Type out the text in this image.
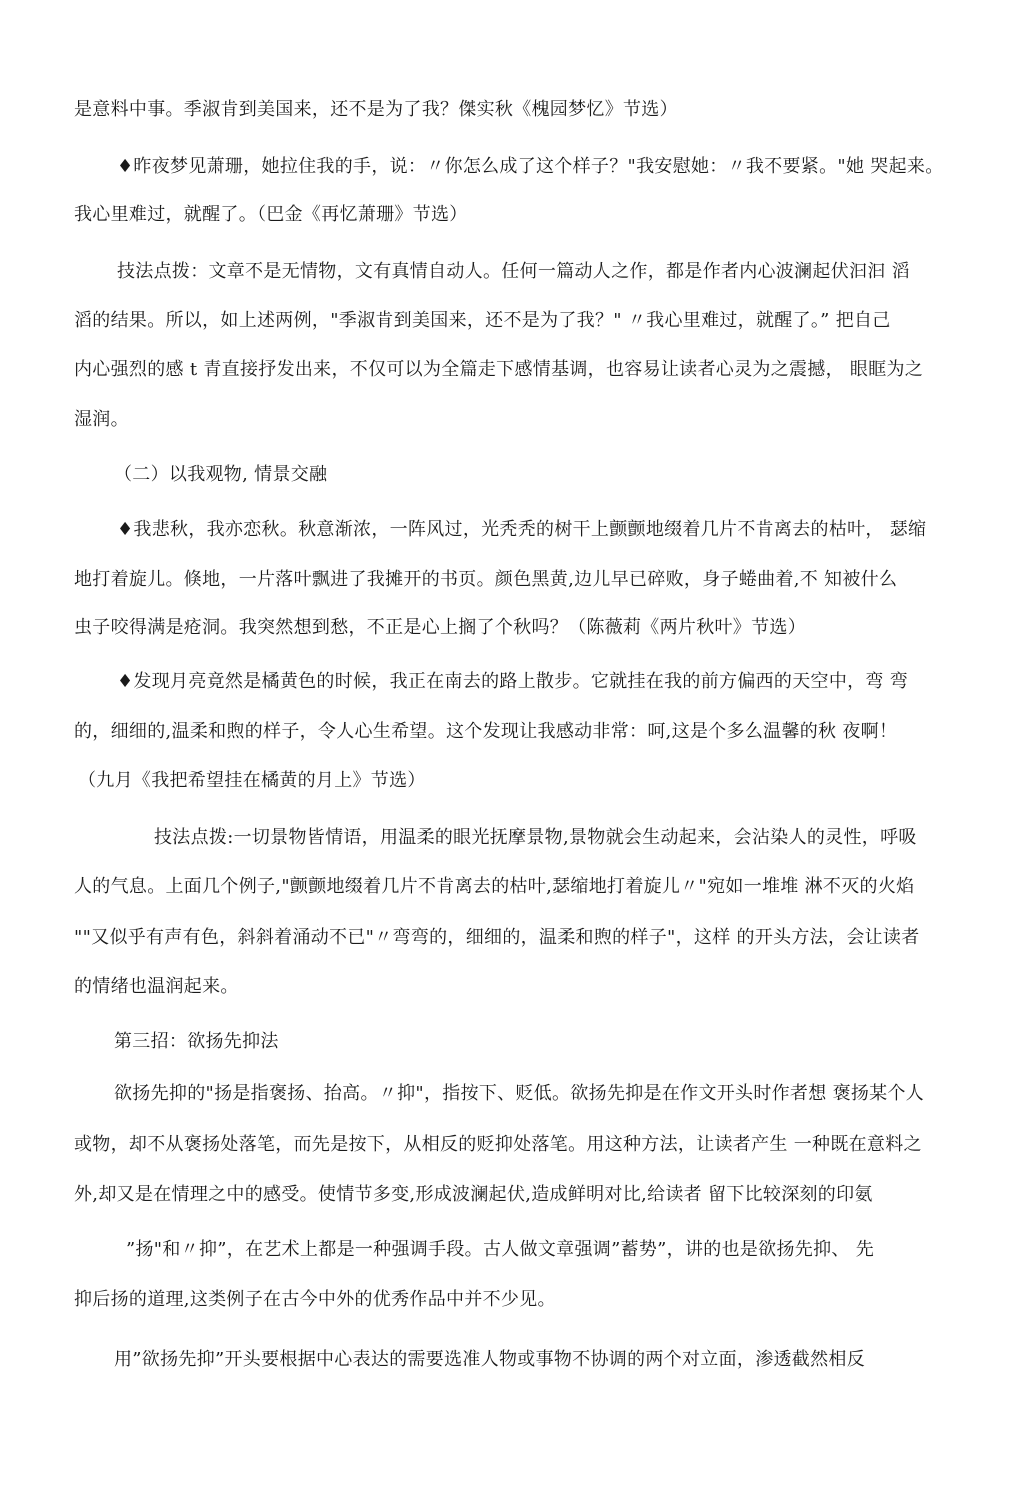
是意料中事。季淑肯到美国来，还不是为了我？傑实秋《槐园梦忆》节选）
♦昨夜梦见萧珊，她拉住我的手，说：〃你怎么成了这个样子？"我安慰她：〃我不要紧。"她 哭起来。
我心里难过，就醒了。（巴金《再忆萧珊》节选）
技法点拨：文章不是无情物，文有真情自动人。任何一篇动人之作，都是作者内心波澜起伏汩汩 滔
滔的结果。所以，如上述两例，"季淑肯到美国来，还不是为了我？" 〃我心里难过，就醒了。” 把自己
内心强烈的感 t 青直接抒发出来，不仅可以为全篇走下感情基调，也容易让读者心灵为之震撼， 眼眶为之
湿润。
（二）以我观物, 情景交融
♦我悲秋，我亦恋秋。秋意渐浓，一阵风过，光秃秃的树干上颤颤地缀着几片不肯离去的枯叶， 瑟缩
地打着旋儿。倏地，一片落叶飘进了我摊开的书页。颜色黑黄,边儿早已碎败，身子蜷曲着,不 知被什么
虫子咬得满是疮洞。我突然想到愁，不正是心上搁了个秋吗？（陈薇莉《两片秋叶》节选）
♦发现月亮竟然是橘黄色的时候，我正在南去的路上散步。它就挂在我的前方偏西的天空中，弯 弯
的，细细的,温柔和煦的样子，令人心生希望。这个发现让我感动非常：呵,这是个多么温馨的秋 夜啊！
（九月《我把希望挂在橘黄的月上》节选）
技法点拨:一切景物皆情语，用温柔的眼光抚摩景物,景物就会生动起来，会沾染人的灵性，呼吸
人的气息。上面几个例子,"颤颤地缀着几片不肯离去的枯叶,瑟缩地打着旋儿〃"宛如一堆堆 淋不灭的火焰
""又似乎有声有色，斜斜着涌动不已"〃弯弯的，细细的，温柔和煦的样子"，这样 的开头方法，会让读者
的情绪也温润起来。
第三招：欲扬先抑法
欲扬先抑的"扬是指褒扬、抬高。〃抑"，指按下、贬低。欲扬先抑是在作文开头时作者想 褒扬某个人
或物，却不从褒扬处落笔，而先是按下，从相反的贬抑处落笔。用这种方法，让读者产生 一种既在意料之
外,却又是在情理之中的感受。使情节多变,形成波澜起伏,造成鲜明对比,给读者 留下比较深刻的印氨
”扬"和〃抑”，在艺术上都是一种强调手段。古人做文章强调”蓄势”，讲的也是欲扬先抑、 先
抑后扬的道理,这类例子在古今中外的优秀作品中并不少见。
用”欲扬先抑”开头要根据中心表达的需要选准人物或事物不协调的两个对立面，渗透截然相反
